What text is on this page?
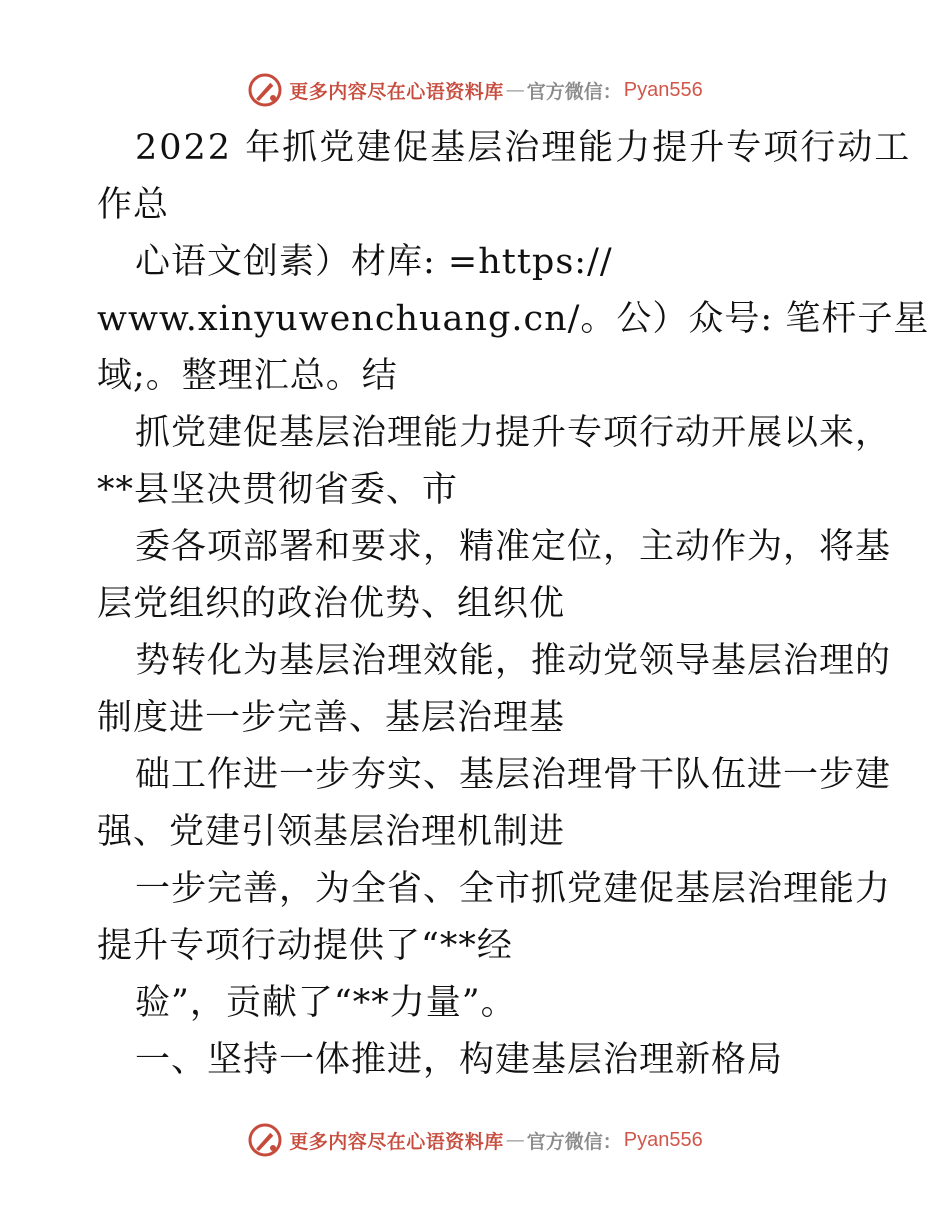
更多内容尽在心语资料库 — 官方微信： Pyan556
2022 年抓党建促基层治理能力提升专项行动工
作总
心语文创素）材库: =https://
www.xinyuwenchuang.cn/。公）众号: 笔杆子星
域;。整理汇总。结
抓党建促基层治理能力提升专项行动开展以来，
**县坚决贯彻省委、市
委各项部署和要求，精准定位，主动作为，将基
层党组织的政治优势、组织优
势转化为基层治理效能，推动党领导基层治理的
制度进一步完善、基层治理基
础工作进一步夯实、基层治理骨干队伍进一步建
强、党建引领基层治理机制进
一步完善，为全省、全市抓党建促基层治理能力
提升专项行动提供了“**经
验”，贡献了“**力量”。
一、坚持一体推进，构建基层治理新格局
更多内容尽在心语资料库 — 官方微信： Pyan556
